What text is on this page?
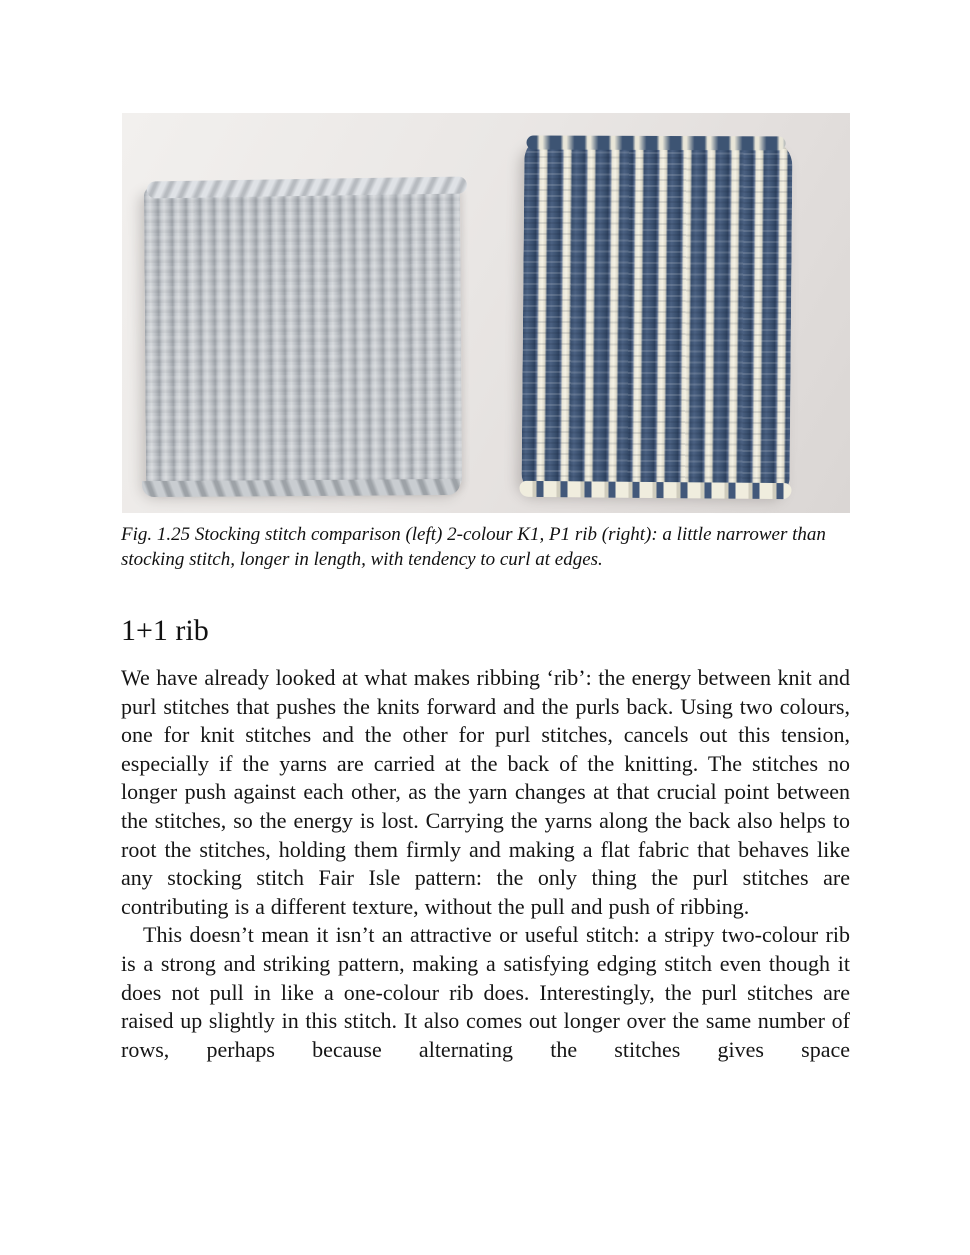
Fig. 1.25 Stocking stitch comparison (left) 2-colour K1, P1 rib (right): a little narrower than stocking stitch, longer in length, with tendency to curl at edges.
1+1 rib

We have already looked at what makes ribbing ‘rib’: the energy between knit and purl stitches that pushes the knits forward and the purls back. Using two colours, one for knit stitches and the other for purl stitches, cancels out this tension, especially if the yarns are carried at the back of the knitting. The stitches no longer push against each other, as the yarn changes at that crucial point between the stitches, so the energy is lost. Carrying the yarns along the back also helps to root the stitches, holding them firmly and making a flat fabric that behaves like any stocking stitch Fair Isle pattern: the only thing the purl stitches are contributing is a different texture, without the pull and push of ribbing.

This doesn’t mean it isn’t an attractive or useful stitch: a stripy two-colour rib is a strong and striking pattern, making a satisfying edging stitch even though it does not pull in like a one-colour rib does. Interestingly, the purl stitches are raised up slightly in this stitch. It also comes out longer over the same number of rows, perhaps because alternating the stitches gives space
